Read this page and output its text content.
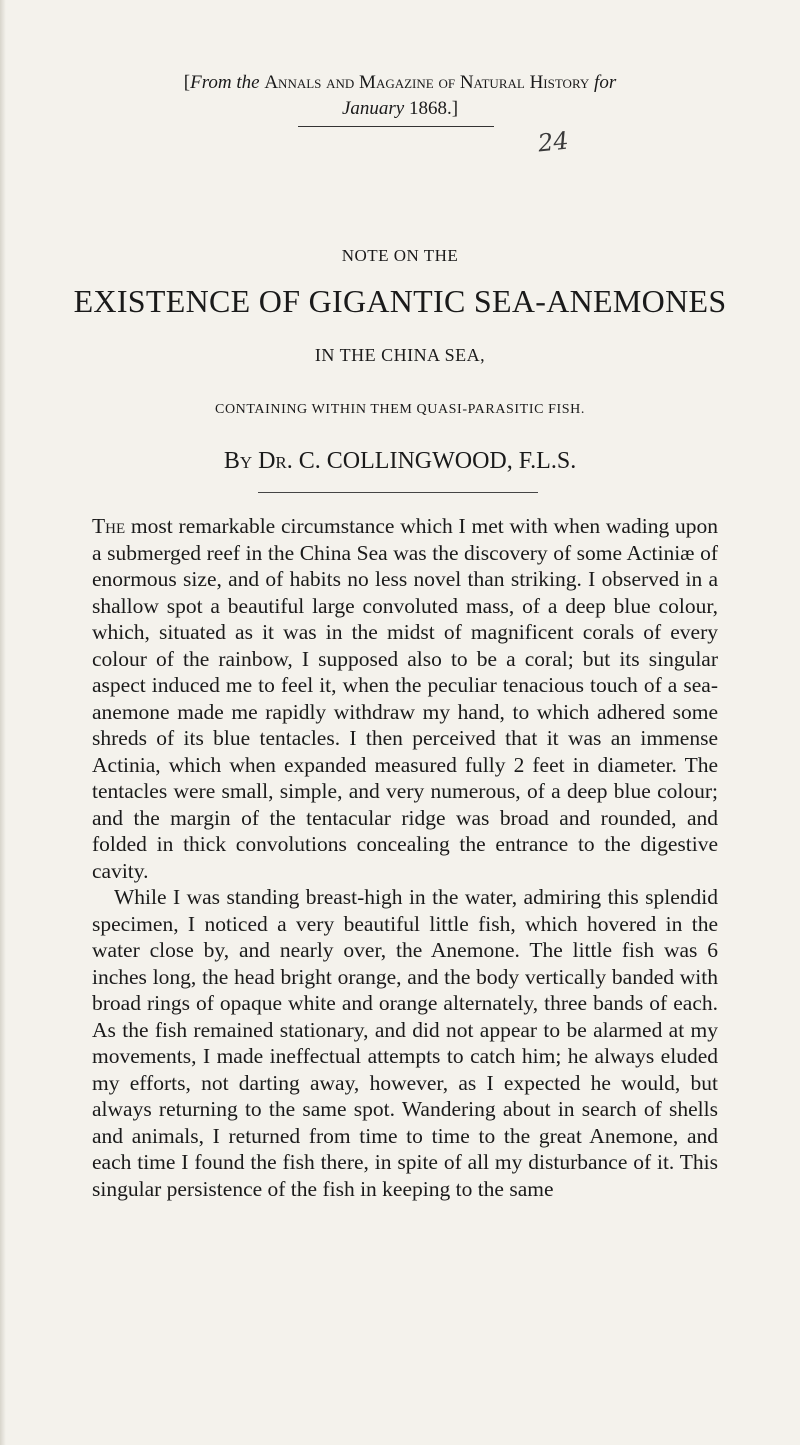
[From the Annals and Magazine of Natural History for
January 1868.]
24
NOTE ON THE
EXISTENCE OF GIGANTIC SEA-ANEMONES
IN THE CHINA SEA,
CONTAINING WITHIN THEM QUASI-PARASITIC FISH.
By Dr. C. COLLINGWOOD, F.L.S.

The most remarkable circumstance which I met with when wading upon a submerged reef in the China Sea was the discovery of some Actiniæ of enormous size, and of habits no less novel than striking. I observed in a shallow spot a beautiful large convoluted mass, of a deep blue colour, which, situated as it was in the midst of magnificent corals of every colour of the rainbow, I supposed also to be a coral; but its singular aspect induced me to feel it, when the peculiar tenacious touch of a sea-anemone made me rapidly withdraw my hand, to which adhered some shreds of its blue tentacles. I then perceived that it was an immense Actinia, which when expanded measured fully 2 feet in diameter. The tentacles were small, simple, and very numerous, of a deep blue colour; and the margin of the tentacular ridge was broad and rounded, and folded in thick convolutions concealing the entrance to the digestive cavity.

While I was standing breast-high in the water, admiring this splendid specimen, I noticed a very beautiful little fish, which hovered in the water close by, and nearly over, the Anemone. The little fish was 6 inches long, the head bright orange, and the body vertically banded with broad rings of opaque white and orange alternately, three bands of each. As the fish remained stationary, and did not appear to be alarmed at my movements, I made ineffectual attempts to catch him; he always eluded my efforts, not darting away, however, as I expected he would, but always returning to the same spot. Wandering about in search of shells and animals, I returned from time to time to the great Anemone, and each time I found the fish there, in spite of all my disturbance of it. This singular persistence of the fish in keeping to the same
